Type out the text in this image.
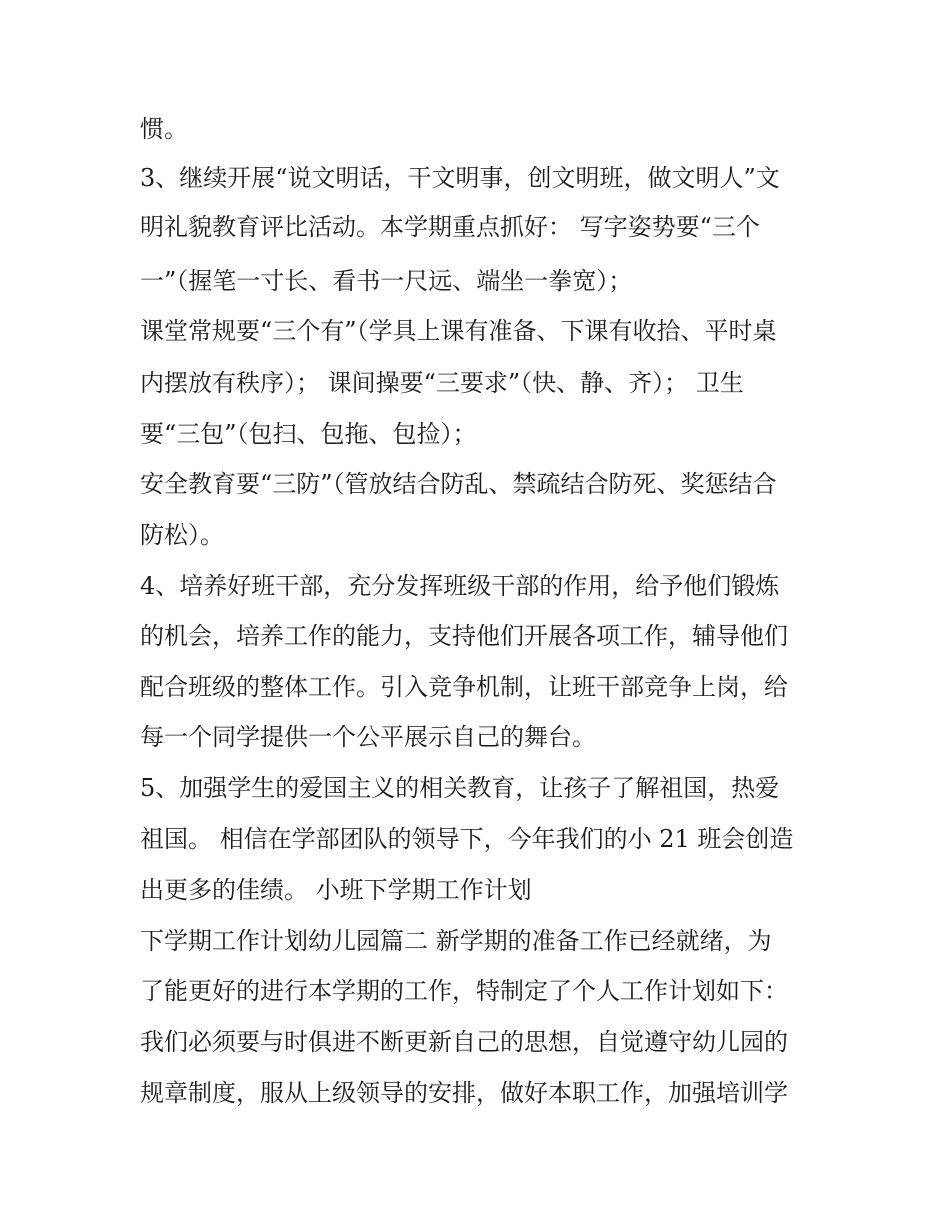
惯。
3、继续开展“说文明话，干文明事，创文明班，做文明人”文
明礼貌教育评比活动。本学期重点抓好： 写字姿势要“三个
一”（握笔一寸长、看书一尺远、端坐一拳宽）；
课堂常规要“三个有”（学具上课有准备、下课有收拾、平时桌
内摆放有秩序）； 课间操要“三要求”（快、静、齐）； 卫生
要“三包”（包扫、包拖、包捡）；
安全教育要“三防”（管放结合防乱、禁疏结合防死、奖惩结合
防松）。
4、培养好班干部，充分发挥班级干部的作用，给予他们锻炼
的机会，培养工作的能力，支持他们开展各项工作，辅导他们
配合班级的整体工作。引入竞争机制，让班干部竞争上岗，给
每一个同学提供一个公平展示自己的舞台。
5、加强学生的爱国主义的相关教育，让孩子了解祖国，热爱
祖国。 相信在学部团队的领导下，今年我们的小 21 班会创造
出更多的佳绩。 小班下学期工作计划
下学期工作计划幼儿园篇二 新学期的准备工作已经就绪，为
了能更好的进行本学期的工作，特制定了个人工作计划如下：
我们必须要与时俱进不断更新自己的思想，自觉遵守幼儿园的
规章制度，服从上级领导的安排，做好本职工作，加强培训学
